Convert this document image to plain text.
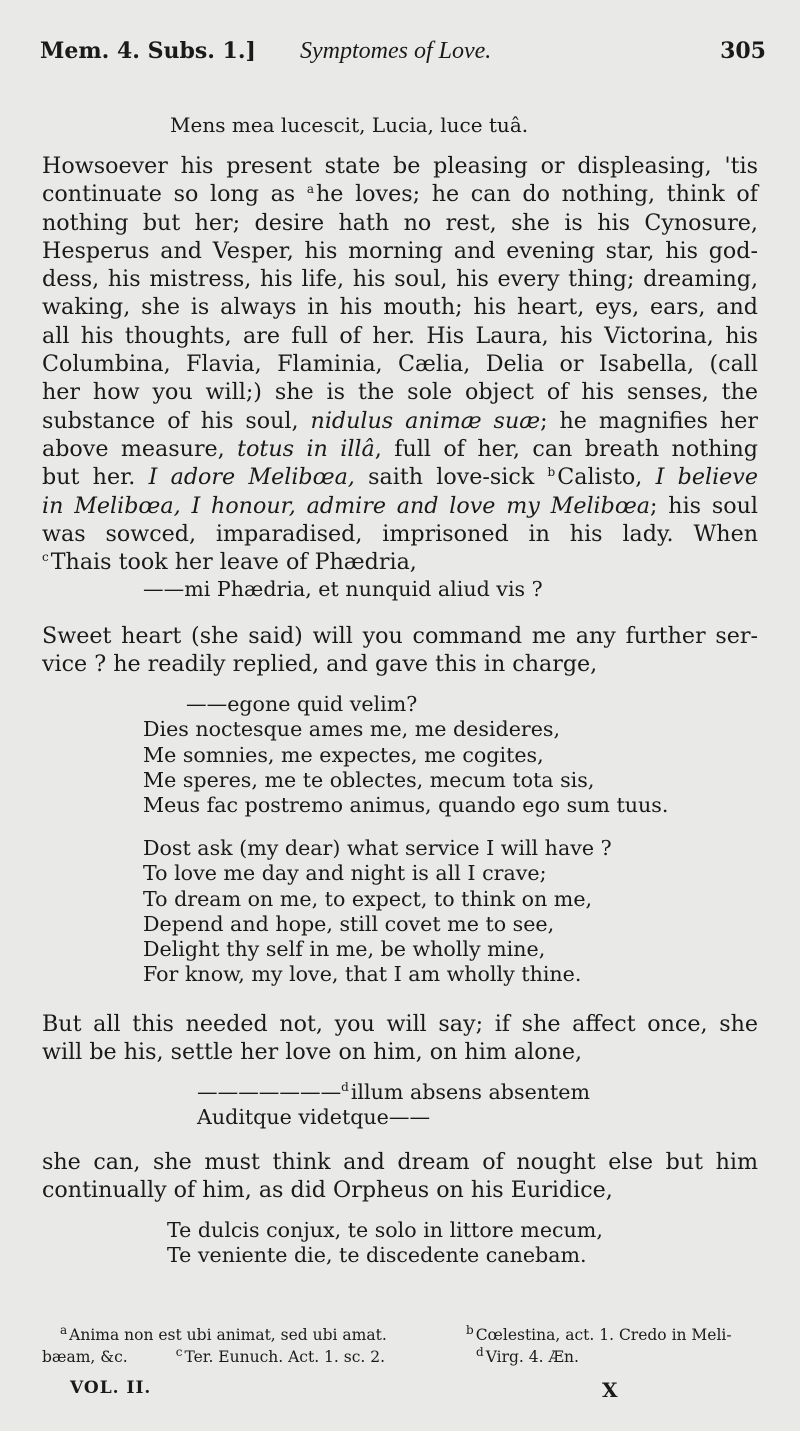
Mem. 4. Subs. 1.] Symptomes of Love.	305
Mens mea lucescit, Lucia, luce tuâ.
Howsoever his present state be pleasing or displeasing, 'tis
continuate so long as $^a$he loves; he can do nothing, think of
nothing but her; desire hath no rest, she is his Cynosure,
Hesperus and Vesper, his morning and evening star, his god-
dess, his mistress, his life, his soul, his every thing; dreaming,
waking, she is always in his mouth; his heart, eys, ears, and
all his thoughts, are full of her. His Laura, his Victorina, his
Columbina, Flavia, Flaminia, Cælia, Delia or Isabella, (call
her how you will;) she is the sole object of his senses, the
substance of his soul, nidulus animæ suæ; he magnifies her
above measure, totus in illâ, full of her, can breath nothing
but her. I adore Melibœa, saith love-sick $^b$Calisto, I believe
in Melibœa, I honour, admire and love my Melibœa; his soul
was sowced, imparadised, imprisoned in his lady. When
$^c$Thais took her leave of Phædria,
——mi Phædria, et nunquid aliud vis ?
Sweet heart (she said) will you command me any further ser-
vice ? he readily replied, and gave this in charge,
——egone quid velim?
Dies noctesque ames me, me desideres,
Me somnies, me expectes, me cogites,
Me speres, me te oblectes, mecum tota sis,
Meus fac postremo animus, quando ego sum tuus.
Dost ask (my dear) what service I will have ?
To love me day and night is all I crave;
To dream on me, to expect, to think on me,
Depend and hope, still covet me to see,
Delight thy self in me, be wholly mine,
For know, my love, that I am wholly thine.
But all this needed not, you will say; if she affect once, she
will be his, settle her love on him, on him alone,
———————$^d$illum absens absentem
Auditque videtque——
she can, she must think and dream of nought else but him
continually of him, as did Orpheus on his Euridice,
Te dulcis conjux, te solo in littore mecum,
Te veniente die, te discedente canebam.
$^a$ Anima non est ubi animat, sed ubi amat.
bæam, &c.	$^c$ Ter. Eunuch. Act. 1. sc. 2.
$^b$ Cœlestina, act. 1. Credo in Meli-
$^d$ Virg. 4. Æn.
VOL. II.	X
